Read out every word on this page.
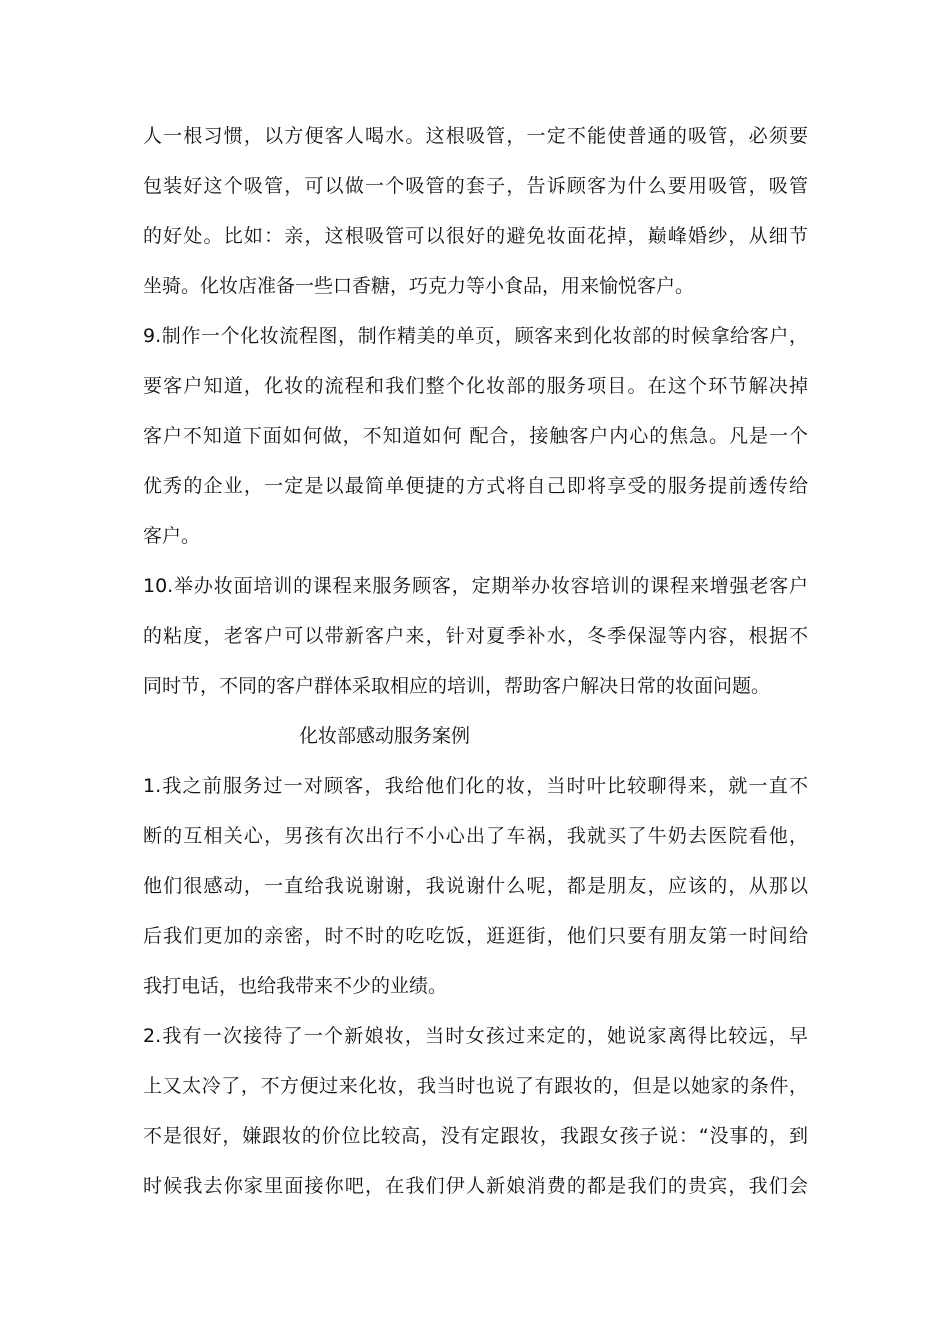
人一根习惯，以方便客人喝水。这根吸管，一定不能使普通的吸管，必须要
包装好这个吸管，可以做一个吸管的套子，告诉顾客为什么要用吸管，吸管
的好处。比如：亲，这根吸管可以很好的避免妆面花掉，巅峰婚纱，从细节
坐骑。化妆店准备一些口香糖，巧克力等小食品，用来愉悦客户。
9.制作一个化妆流程图，制作精美的单页，顾客来到化妆部的时候拿给客户，
要客户知道，化妆的流程和我们整个化妆部的服务项目。在这个环节解决掉
客户不知道下面如何做，不知道如何 配合，接触客户内心的焦急。凡是一个
优秀的企业，一定是以最简单便捷的方式将自己即将享受的服务提前透传给
客户。
10.举办妆面培训的课程来服务顾客，定期举办妆容培训的课程来增强老客户
的粘度，老客户可以带新客户来，针对夏季补水，冬季保湿等内容，根据不
同时节，不同的客户群体采取相应的培训，帮助客户解决日常的妆面问题。
化妆部感动服务案例
1.我之前服务过一对顾客，我给他们化的妆，当时叶比较聊得来，就一直不
断的互相关心，男孩有次出行不小心出了车祸，我就买了牛奶去医院看他，
他们很感动，一直给我说谢谢，我说谢什么呢，都是朋友，应该的，从那以
后我们更加的亲密，时不时的吃吃饭，逛逛街，他们只要有朋友第一时间给
我打电话，也给我带来不少的业绩。
2.我有一次接待了一个新娘妆，当时女孩过来定的，她说家离得比较远，早
上又太冷了，不方便过来化妆，我当时也说了有跟妆的，但是以她家的条件，
不是很好，嫌跟妆的价位比较高，没有定跟妆，我跟女孩子说：“没事的，到
时候我去你家里面接你吧，在我们伊人新娘消费的都是我们的贵宾，我们会
